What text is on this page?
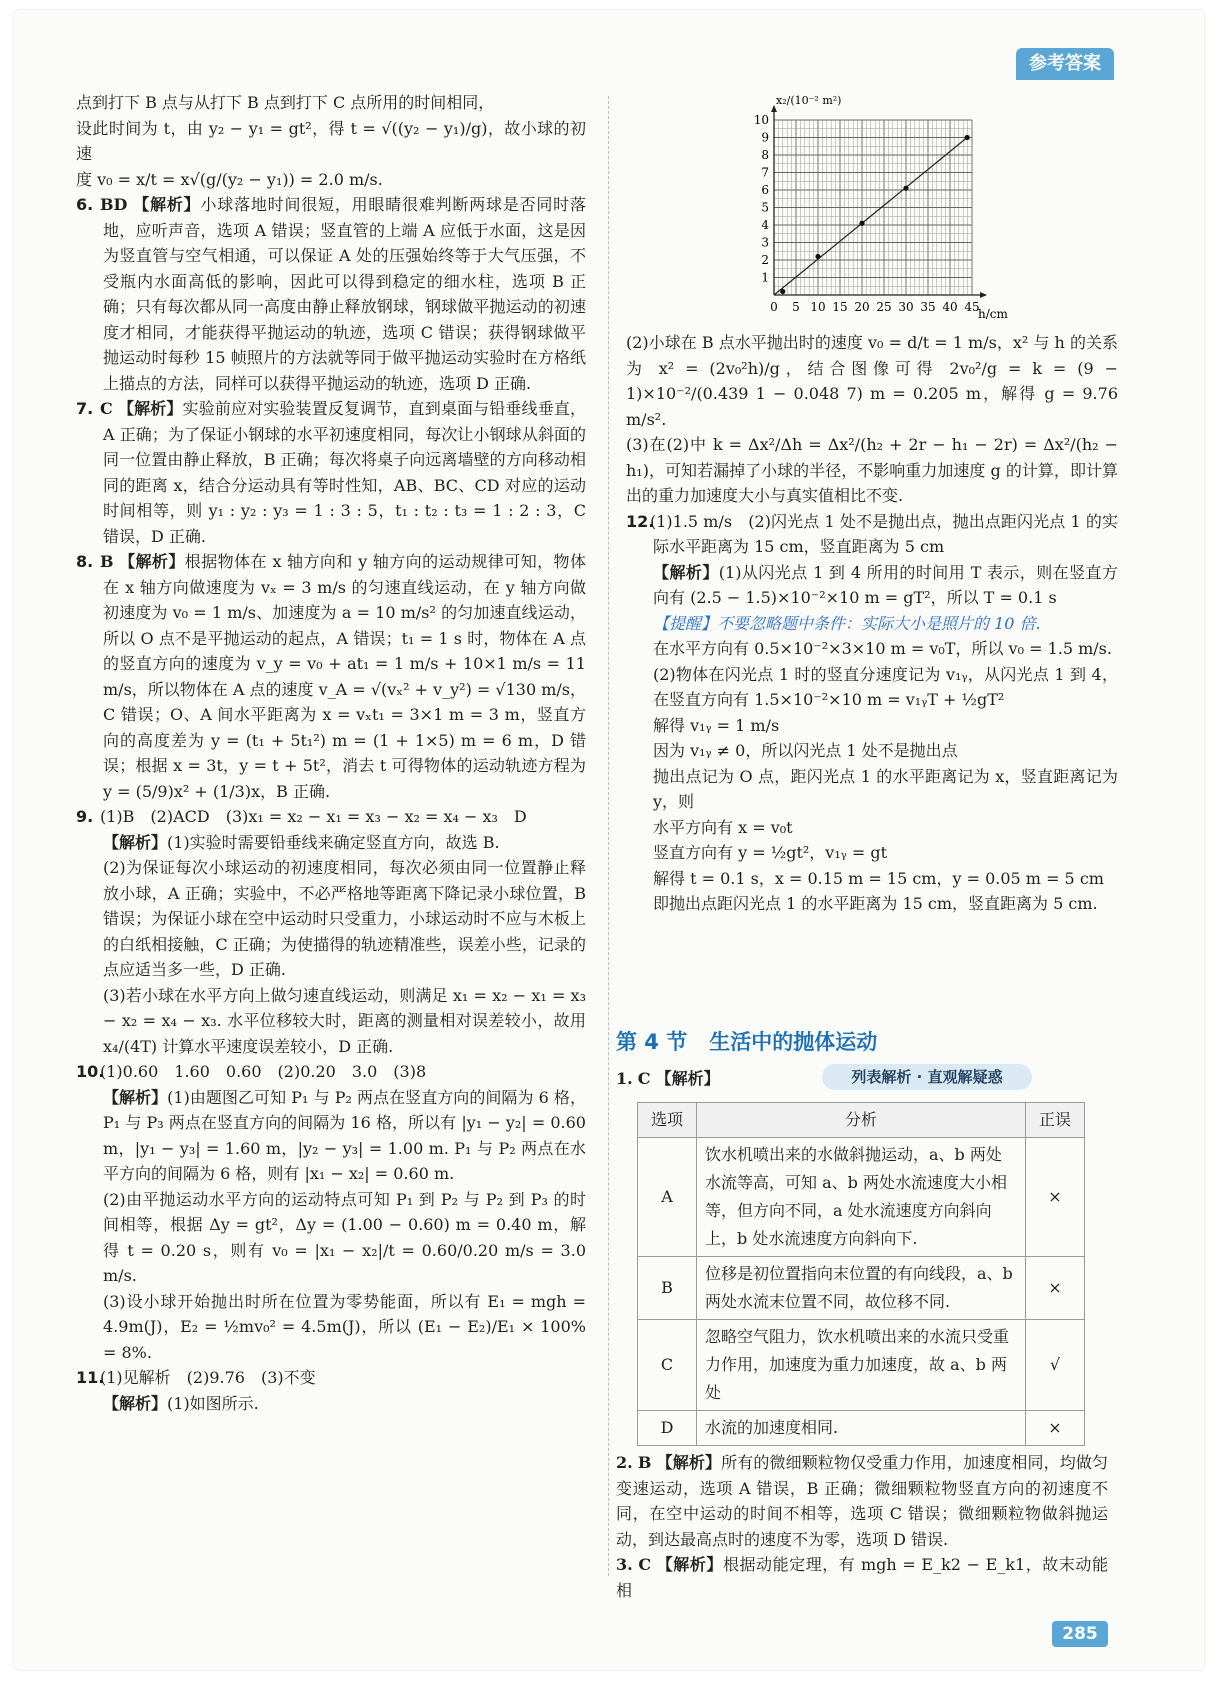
参考答案

点到打下 B 点与从打下 B 点到打下 C 点所用的时间相同，

设此时间为 t，由 y₂ − y₁ = gt²，得 t = √((y₂ − y₁)/g)，故小球的初速

度 v₀ = x/t = x√(g/(y₂ − y₁)) = 2.0 m/s.

6. BD 【解析】小球落地时间很短，用眼睛很难判断两球是否同时落地，应听声音，选项 A 错误；竖直管的上端 A 应低于水面，这是因为竖直管与空气相通，可以保证 A 处的压强始终等于大气压强，不受瓶内水面高低的影响，因此可以得到稳定的细水柱，选项 B 正确；只有每次都从同一高度由静止释放钢球，钢球做平抛运动的初速度才相同，才能获得平抛运动的轨迹，选项 C 错误；获得钢球做平抛运动时每秒 15 帧照片的方法就等同于做平抛运动实验时在方格纸上描点的方法，同样可以获得平抛运动的轨迹，选项 D 正确.

7. C 【解析】实验前应对实验装置反复调节，直到桌面与铅垂线垂直，A 正确；为了保证小钢球的水平初速度相同，每次让小钢球从斜面的同一位置由静止释放，B 正确；每次将桌子向远离墙壁的方向移动相同的距离 x，结合分运动具有等时性知，AB、BC、CD 对应的运动时间相等，则 y₁ : y₂ : y₃ = 1 : 3 : 5，t₁ : t₂ : t₃ = 1 : 2 : 3，C 错误，D 正确.

8. B 【解析】根据物体在 x 轴方向和 y 轴方向的运动规律可知，物体在 x 轴方向做速度为 vₓ = 3 m/s 的匀速直线运动，在 y 轴方向做初速度为 v₀ = 1 m/s、加速度为 a = 10 m/s² 的匀加速直线运动，所以 O 点不是平抛运动的起点，A 错误；t₁ = 1 s 时，物体在 A 点的竖直方向的速度为 v_y = v₀ + at₁ = 1 m/s + 10×1 m/s = 11 m/s，所以物体在 A 点的速度 v_A = √(vₓ² + v_y²) = √130 m/s，C 错误；O、A 间水平距离为 x = vₓt₁ = 3×1 m = 3 m，竖直方向的高度差为 y = (t₁ + 5t₁²) m = (1 + 1×5) m = 6 m，D 错误；根据 x = 3t，y = t + 5t²，消去 t 可得物体的运动轨迹方程为 y = (5/9)x² + (1/3)x，B 正确.

9. (1)B　(2)ACD　(3)x₁ = x₂ − x₁ = x₃ − x₂ = x₄ − x₃　D

【解析】(1)实验时需要铅垂线来确定竖直方向，故选 B.

(2)为保证每次小球运动的初速度相同，每次必须由同一位置静止释放小球，A 正确；实验中，不必严格地等距离下降记录小球位置，B 错误；为保证小球在空中运动时只受重力，小球运动时不应与木板上的白纸相接触，C 正确；为使描得的轨迹精准些，误差小些，记录的点应适当多一些，D 正确.

(3)若小球在水平方向上做匀速直线运动，则满足 x₁ = x₂ − x₁ = x₃ − x₂ = x₄ − x₃. 水平位移较大时，距离的测量相对误差较小，故用 x₄/(4T) 计算水平速度误差较小，D 正确.

10.(1)0.60　1.60　0.60　(2)0.20　3.0　(3)8

【解析】(1)由题图乙可知 P₁ 与 P₂ 两点在竖直方向的间隔为 6 格，P₁ 与 P₃ 两点在竖直方向的间隔为 16 格，所以有 |y₁ − y₂| = 0.60 m，|y₁ − y₃| = 1.60 m，|y₂ − y₃| = 1.00 m. P₁ 与 P₂ 两点在水平方向的间隔为 6 格，则有 |x₁ − x₂| = 0.60 m.

(2)由平抛运动水平方向的运动特点可知 P₁ 到 P₂ 与 P₂ 到 P₃ 的时间相等，根据 Δy = gt²，Δy = (1.00 − 0.60) m = 0.40 m，解得 t = 0.20 s，则有 v₀ = |x₁ − x₂|/t = 0.60/0.20 m/s = 3.0 m/s.

(3)设小球开始抛出时所在位置为零势能面，所以有 E₁ = mgh = 4.9m(J)，E₂ = ½mv₀² = 4.5m(J)，所以 (E₁ − E₂)/E₁ × 100% = 8%.

11.(1)见解析　(2)9.76　(3)不变

【解析】(1)如图所示.

x₂/(10⁻² m²)
h/cm
0 5 10 15 20 25 30 35 40 45
1
2
3
4
5
6
7
8
9
10

(2)小球在 B 点水平抛出时的速度 v₀ = d/t = 1 m/s，x² 与 h 的关系为 x² = (2v₀²h)/g，结合图像可得 2v₀²/g = k = (9 − 1)×10⁻²/(0.439 1 − 0.048 7) m = 0.205 m，解得 g = 9.76 m/s².

(3)在(2)中 k = Δx²/Δh = Δx²/(h₂ + 2r − h₁ − 2r) = Δx²/(h₂ − h₁)，可知若漏掉了小球的半径，不影响重力加速度 g 的计算，即计算出的重力加速度大小与真实值相比不变.

12.(1)1.5 m/s　(2)闪光点 1 处不是抛出点，抛出点距闪光点 1 的实际水平距离为 15 cm，竖直距离为 5 cm

【解析】(1)从闪光点 1 到 4 所用的时间用 T 表示，则在竖直方向有 (2.5 − 1.5)×10⁻²×10 m = gT²，所以 T = 0.1 s

【提醒】不要忽略题中条件：实际大小是照片的 10 倍.

在水平方向有 0.5×10⁻²×3×10 m = v₀T，所以 v₀ = 1.5 m/s.

(2)物体在闪光点 1 时的竖直分速度记为 v₁ᵧ，从闪光点 1 到 4，在竖直方向有 1.5×10⁻²×10 m = v₁ᵧT + ½gT²

解得 v₁ᵧ = 1 m/s

因为 v₁ᵧ ≠ 0，所以闪光点 1 处不是抛出点

抛出点记为 O 点，距闪光点 1 的水平距离记为 x，竖直距离记为 y，则

水平方向有 x = v₀t

竖直方向有 y = ½gt²，v₁ᵧ = gt

解得 t = 0.1 s，x = 0.15 m = 15 cm，y = 0.05 m = 5 cm

即抛出点距闪光点 1 的水平距离为 15 cm，竖直距离为 5 cm.

第 4 节 生活中的抛体运动
1. C 【解析】	列表解析 · 直观解疑惑
选项	分析	正误
A	饮水机喷出来的水做斜抛运动，a、b 两处水流等高，可知 a、b 两处水流速度大小相等，但方向不同，a 处水流速度方向斜向上，b 处水流速度方向斜向下.	×
B	位移是初位置指向末位置的有向线段，a、b 两处水流末位置不同，故位移不同.	×
C	忽略空气阻力，饮水机喷出来的水流只受重力作用，加速度为重力加速度，故 a、b 两处	√
D	水流的加速度相同.	×

2. B 【解析】所有的微细颗粒物仅受重力作用，加速度相同，均做匀变速运动，选项 A 错误，B 正确；微细颗粒物竖直方向的初速度不同，在空中运动的时间不相等，选项 C 错误；微细颗粒物做斜抛运动，到达最高点时的速度不为零，选项 D 错误.

3. C 【解析】根据动能定理，有 mgh = E_k2 − E_k1，故末动能相

285
